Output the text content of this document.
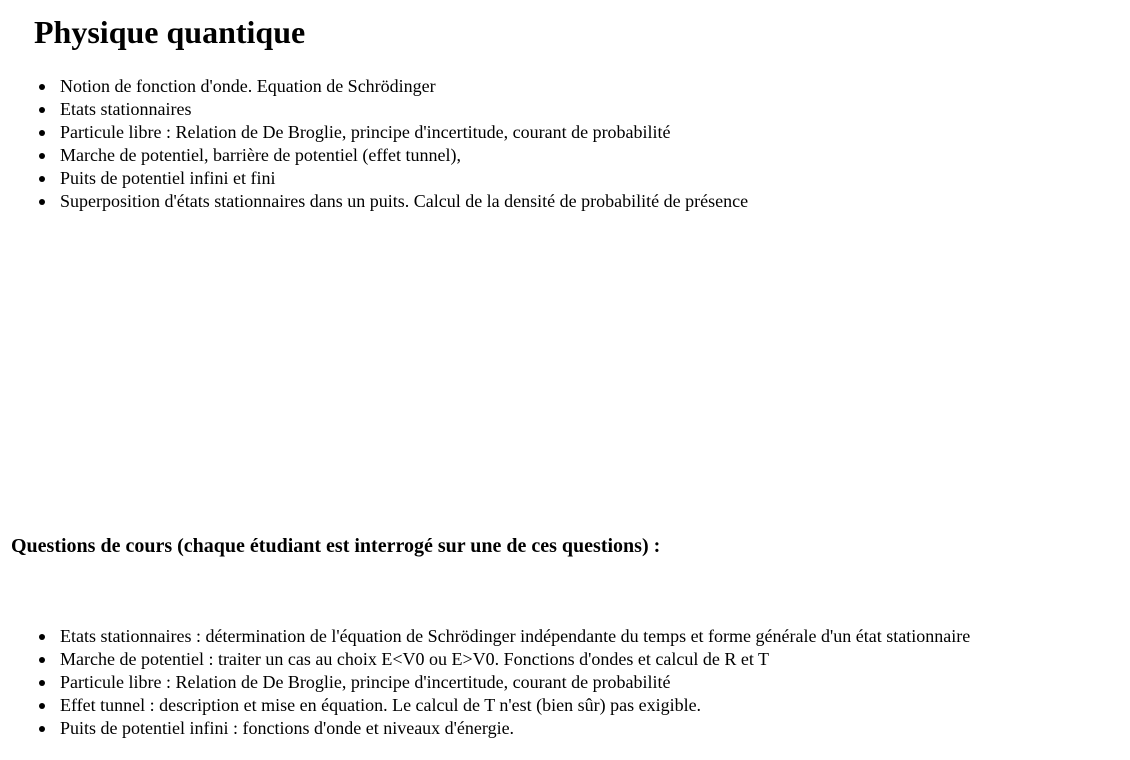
Physique quantique
Notion de fonction d'onde. Equation de Schrödinger
Etats stationnaires
Particule libre : Relation de De Broglie, principe d'incertitude, courant de probabilité
Marche de potentiel, barrière de potentiel (effet tunnel),
Puits de potentiel infini et fini
Superposition d'états stationnaires dans un puits. Calcul de la densité de probabilité de présence
Questions de cours (chaque étudiant est interrogé sur une de ces questions) :
Etats stationnaires : détermination de l'équation de Schrödinger indépendante du temps et forme générale d'un état stationnaire
Marche de potentiel : traiter un cas au choix E<V0 ou E>V0. Fonctions d'ondes et calcul de R et T
Particule libre : Relation de De Broglie, principe d'incertitude, courant de probabilité
Effet tunnel : description et mise en équation. Le calcul de T n'est (bien sûr) pas exigible.
Puits de potentiel infini : fonctions d'onde et niveaux d'énergie.
